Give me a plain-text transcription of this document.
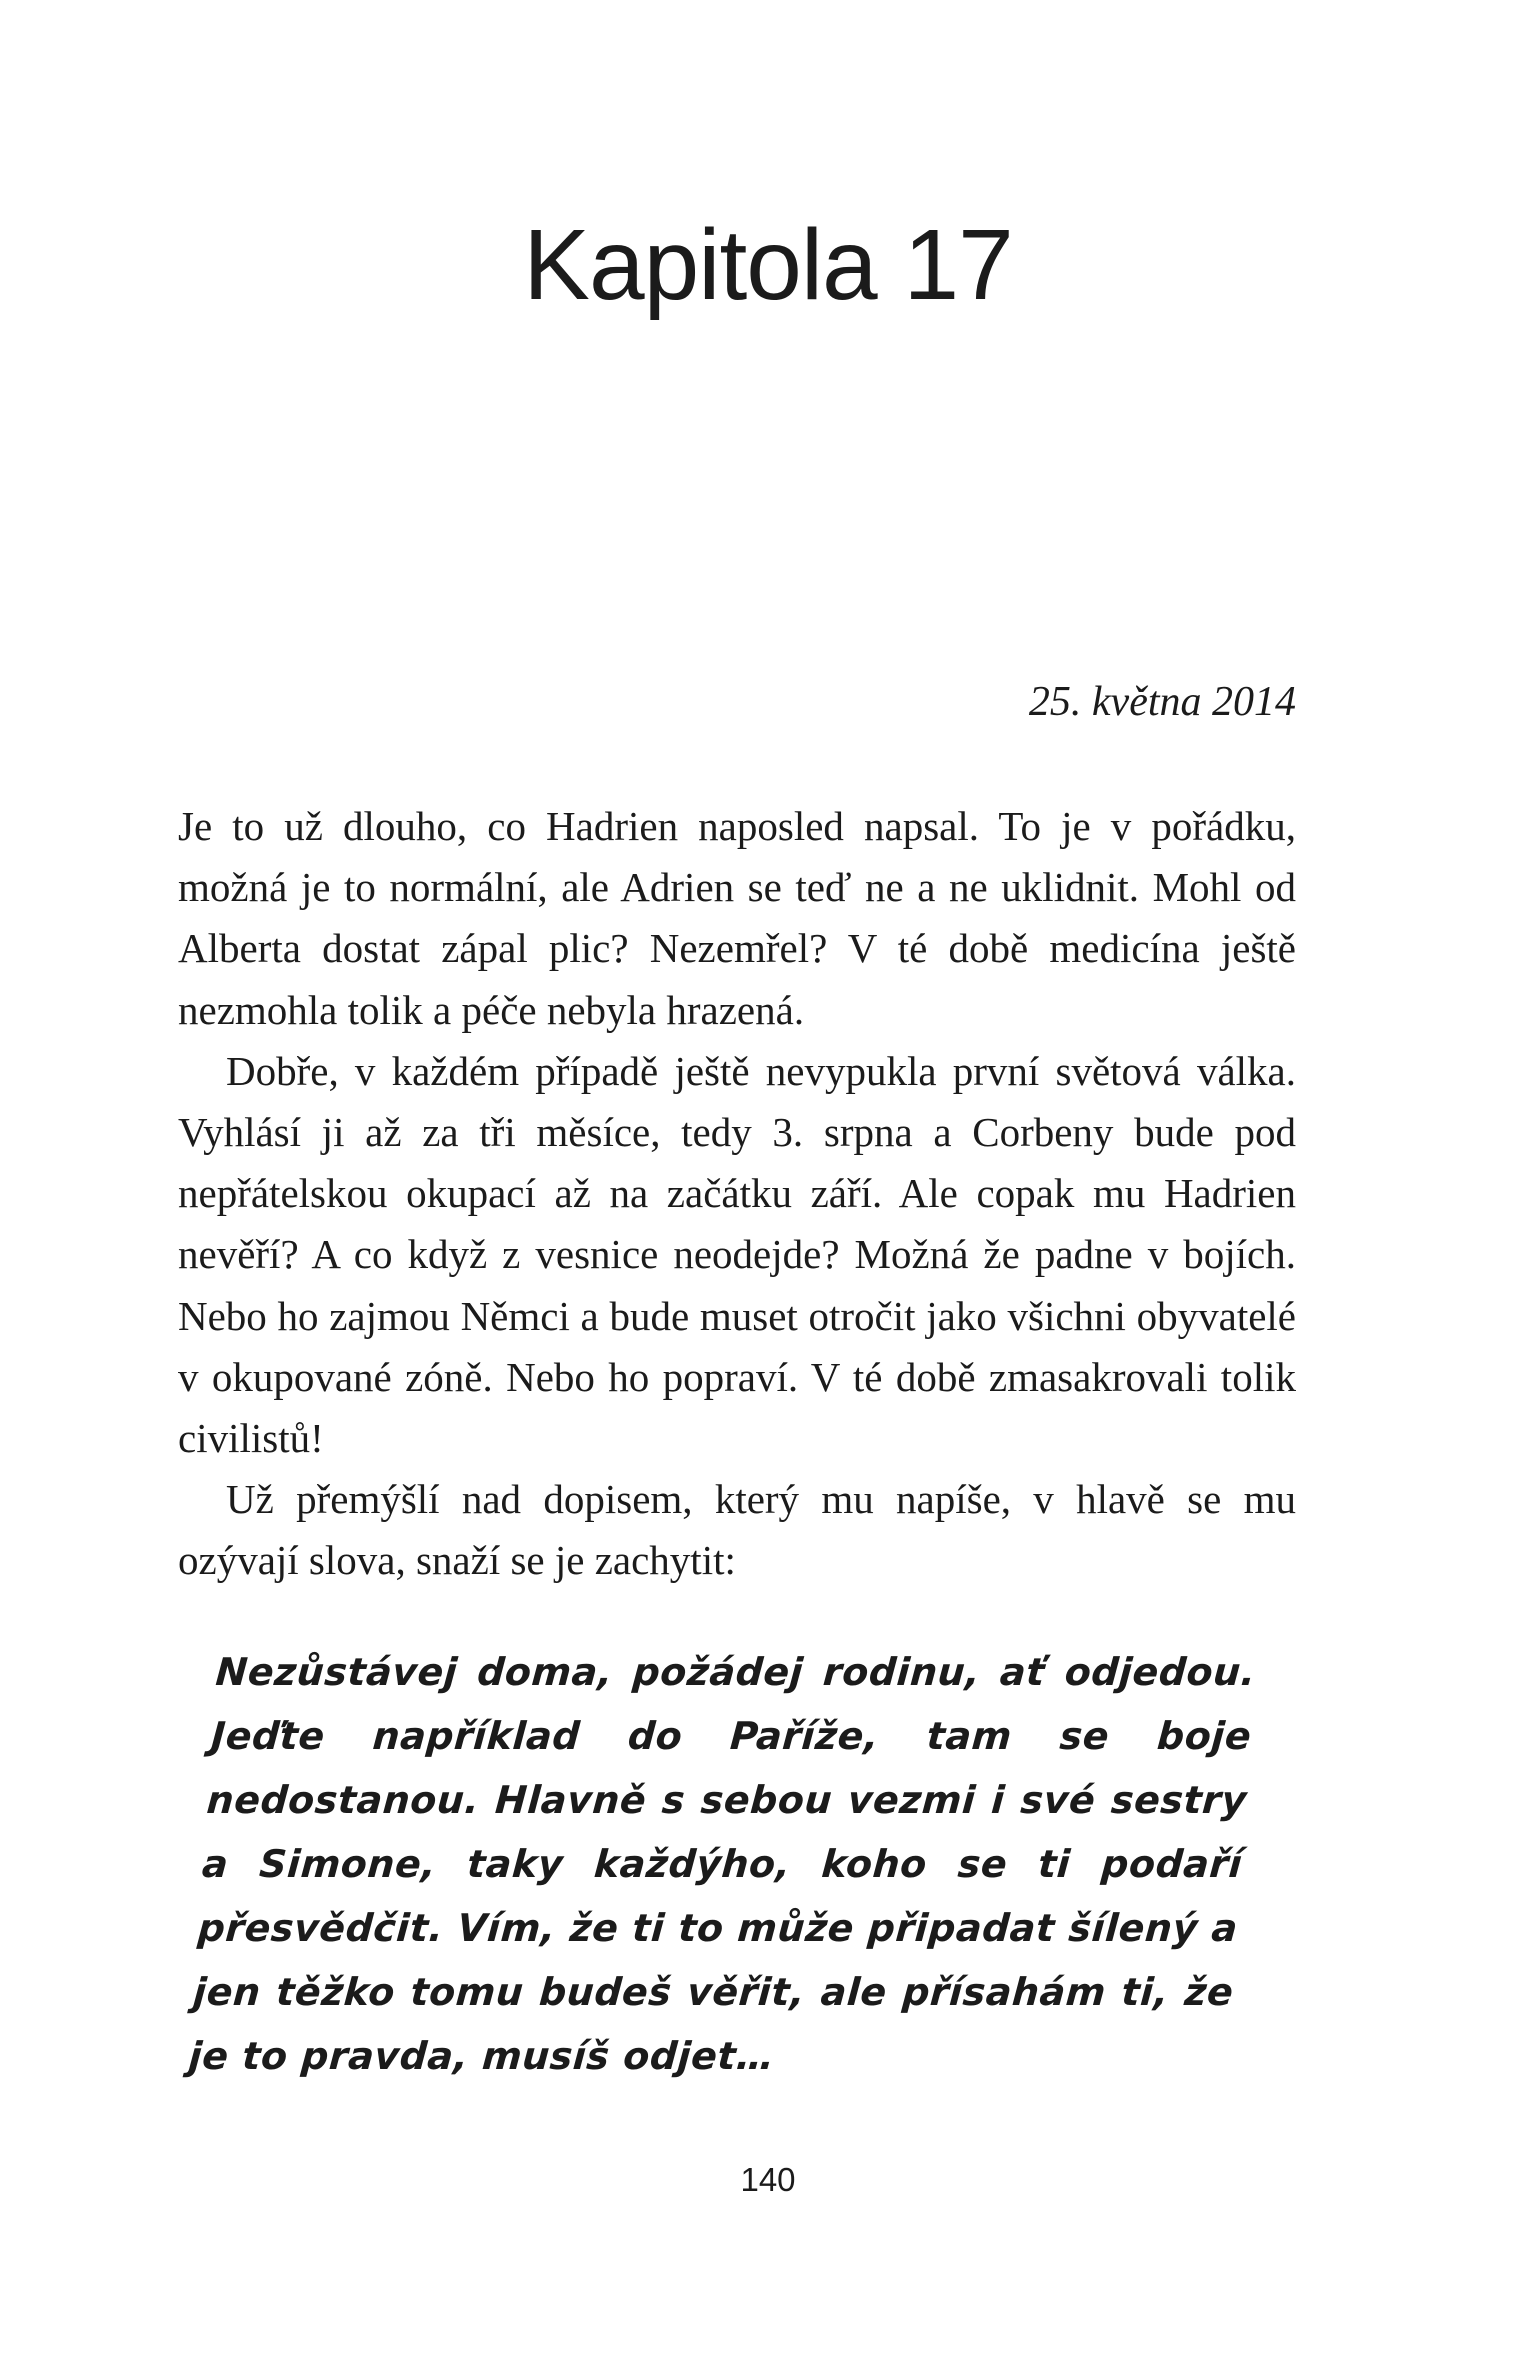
Kapitola 17
25. května 2014

Je to už dlouho, co Hadrien naposled napsal. To je v pořádku, možná je to normální, ale Adrien se teď ne a ne uklidnit. Mohl od Alberta dostat zápal plic? Nezemřel? V té době medicína ještě nezmohla tolik a péče nebyla hrazená.

Dobře, v každém případě ještě nevypukla první světová válka. Vyhlásí ji až za tři měsíce, tedy 3. srpna a Corbeny bude pod nepřátelskou okupací až na začátku září. Ale copak mu Hadrien nevěří? A co když z vesnice neodejde? Možná že padne v bojích. Nebo ho zajmou Němci a bude muset otročit jako všichni obyvatelé v okupované zóně. Nebo ho popraví. V té době zmasakrovali tolik civilistů!

Už přemýšlí nad dopisem, který mu napíše, v hlavě se mu ozývají slova, snaží se je zachytit:

Nezůstávej doma, požádej rodinu, ať odjedou. Jeďte například do Paříže, tam se boje nedostanou. Hlavně s sebou vezmi i své sestry a Simone, taky každýho, koho se ti podaří přesvědčit. Vím, že ti to může připadat šílený a jen těžko tomu budeš věřit, ale přísahám ti, že je to pravda, musíš odjet…
140
